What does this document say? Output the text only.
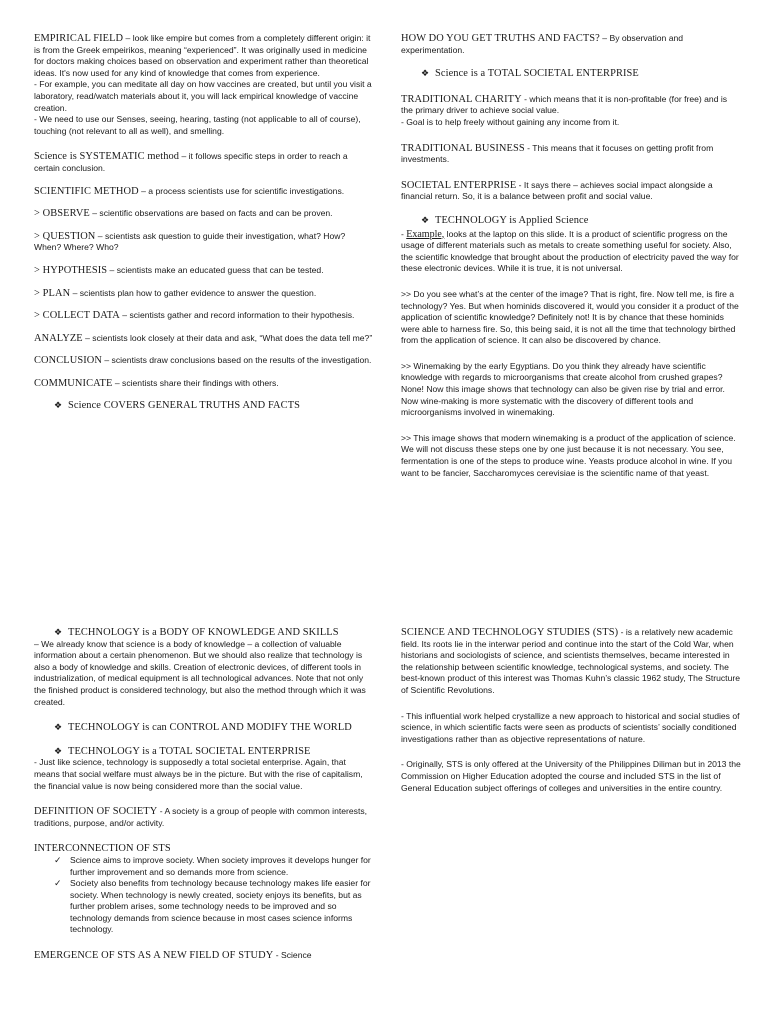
EMPIRICAL FIELD – look like empire but comes from a completely different origin: it is from the Greek empeirikos, meaning “experienced”. It was originally used in medicine for doctors making choices based on observation and experiment rather than theoretical ideas. It's now used for any kind of knowledge that comes from experience.

- For example, you can meditate all day on how vaccines are created, but until you visit a laboratory, read/watch materials about it, you will lack empirical knowledge of vaccine creation.

- We need to use our Senses, seeing, hearing, tasting (not applicable to all of course), touching (not relevant to all as well), and smelling.

Science is SYSTEMATIC method – it follows specific steps in order to reach a certain conclusion.

SCIENTIFIC METHOD – a process scientists use for scientific investigations.

> OBSERVE – scientific observations are based on facts and can be proven.

> QUESTION – scientists ask question to guide their investigation, what? How? When? Where? Who?

> HYPOTHESIS – scientists make an educated guess that can be tested.

> PLAN – scientists plan how to gather evidence to answer the question.

> COLLECT DATA – scientists gather and record information to their hypothesis.

ANALYZE – scientists look closely at their data and ask, “What does the data tell me?”

CONCLUSION – scientists draw conclusions based on the results of the investigation.

COMMUNICATE – scientists share their findings with others.

❖ Science COVERS GENERAL TRUTHS AND FACTS

HOW DO YOU GET TRUTHS AND FACTS? – By observation and experimentation.

❖ Science is a TOTAL SOCIETAL ENTERPRISE

TRADITIONAL CHARITY - which means that it is non-profitable (for free) and is the primary driver to achieve social value.

- Goal is to help freely without gaining any income from it.

TRADITIONAL BUSINESS - This means that it focuses on getting profit from investments.

SOCIETAL ENTERPRISE - It says there – achieves social impact alongside a financial return. So, it is a balance between profit and social value.

❖ TECHNOLOGY is Applied Science

- Example, looks at the laptop on this slide. It is a product of scientific progress on the usage of different materials such as metals to create something useful for society. Also, the scientific knowledge that brought about the production of electricity paved the way for these electronic devices. While it is true, it is not universal.

>> Do you see what’s at the center of the image? That is right, fire. Now tell me, is fire a technology? Yes. But when hominids discovered it, would you consider it a product of the application of scientific knowledge? Definitely not! It is by chance that these hominids were able to harness fire. So, this being said, it is not all the time that technology birthed from the application of science. It can also be discovered by chance.

>> Winemaking by the early Egyptians. Do you think they already have scientific knowledge with regards to microorganisms that create alcohol from crushed grapes? None! Now this image shows that technology can also be given rise by trial and error. Now wine-making is more systematic with the discovery of different tools and microorganisms involved in winemaking.

>> This image shows that modern winemaking is a product of the application of science. We will not discuss these steps one by one just because it is not necessary. You see, fermentation is one of the steps to produce wine. Yeasts produce alcohol in wine. If you want to be fancier, Saccharomyces cerevisiae is the scientific name of that yeast.

❖ TECHNOLOGY is a BODY OF KNOWLEDGE AND SKILLS

– We already know that science is a body of knowledge – a collection of valuable information about a certain phenomenon. But we should also realize that technology is also a body of knowledge and skills. Creation of electronic devices, of different tools in industrialization, of medical equipment is all technological advances. Note that not only the finished product is considered technology, but also the method through which it was created.

❖ TECHNOLOGY is can CONTROL AND MODIFY THE WORLD
❖ TECHNOLOGY is a TOTAL SOCIETAL ENTERPRISE

- Just like science, technology is supposedly a total societal enterprise. Again, that means that social welfare must always be in the picture. But with the rise of capitalism, the financial value is now being considered more than the social value.

DEFINITION OF SOCIETY - A society is a group of people with common interests, traditions, purpose, and/or activity.

INTERCONNECTION OF STS

✓ Science aims to improve society. When society improves it develops hunger for further improvement and so demands more from science.
✓ Society also benefits from technology because technology makes life easier for society. When technology is newly created, society enjoys its benefits, but as further problem arises, some technology needs to be improved and so technology demands from science because in most cases science informs technology.

EMERGENCE OF STS AS A NEW FIELD OF STUDY - Science

SCIENCE AND TECHNOLOGY STUDIES (STS) - is a relatively new academic field. Its roots lie in the interwar period and continue into the start of the Cold War, when historians and sociologists of science, and scientists themselves, became interested in the relationship between scientific knowledge, technological systems, and society. The best-known product of this interest was Thomas Kuhn’s classic 1962 study, The Structure of Scientific Revolutions.

- This influential work helped crystallize a new approach to historical and social studies of science, in which scientific facts were seen as products of scientists’ socially conditioned investigations rather than as objective representations of nature.

- Originally, STS is only offered at the University of the Philippines Diliman but in 2013 the Commission on Higher Education adopted the course and included STS in the list of General Education subject offerings of colleges and universities in the entire country.
